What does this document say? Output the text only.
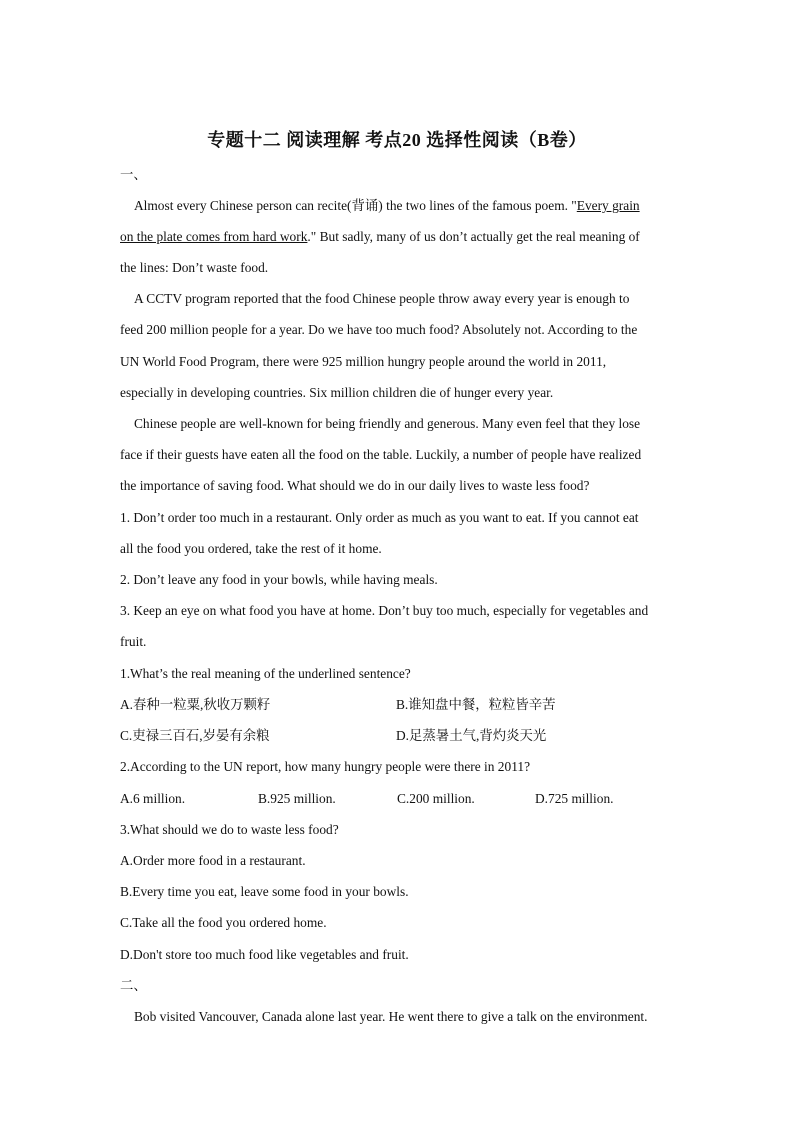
专题十二 阅读理解 考点20 选择性阅读（B卷）
一、
Almost every Chinese person can recite(背诵) the two lines of the famous poem. "Every grain
on the plate comes from hard work." But sadly, many of us don’t actually get the real meaning of
the lines: Don’t waste food.
A CCTV program reported that the food Chinese people throw away every year is enough to
feed 200 million people for a year. Do we have too much food? Absolutely not. According to the
UN World Food Program, there were 925 million hungry people around the world in 2011,
especially in developing countries. Six million children die of hunger every year.
Chinese people are well-known for being friendly and generous. Many even feel that they lose
face if their guests have eaten all the food on the table. Luckily, a number of people have realized
the importance of saving food. What should we do in our daily lives to waste less food?
1. Don’t order too much in a restaurant. Only order as much as you want to eat. If you cannot eat
all the food you ordered, take the rest of it home.
2. Don’t leave any food in your bowls, while having meals.
3. Keep an eye on what food you have at home. Don’t buy too much, especially for vegetables and
fruit.
1.What’s the real meaning of the underlined sentence?
A.春种一粒粟,秋收万颗籽	B.谁知盘中餐，粒粒皆辛苦
C.吏禄三百石,岁晏有余粮	D.足蒸暑土气,背灼炎天光
2.According to the UN report, how many hungry people were there in 2011?
A.6 million.	B.925 million.	C.200 million.	D.725 million.
3.What should we do to waste less food?
A.Order more food in a restaurant.
B.Every time you eat, leave some food in your bowls.
C.Take all the food you ordered home.
D.Don't store too much food like vegetables and fruit.
二、
Bob visited Vancouver, Canada alone last year. He went there to give a talk on the environment.
